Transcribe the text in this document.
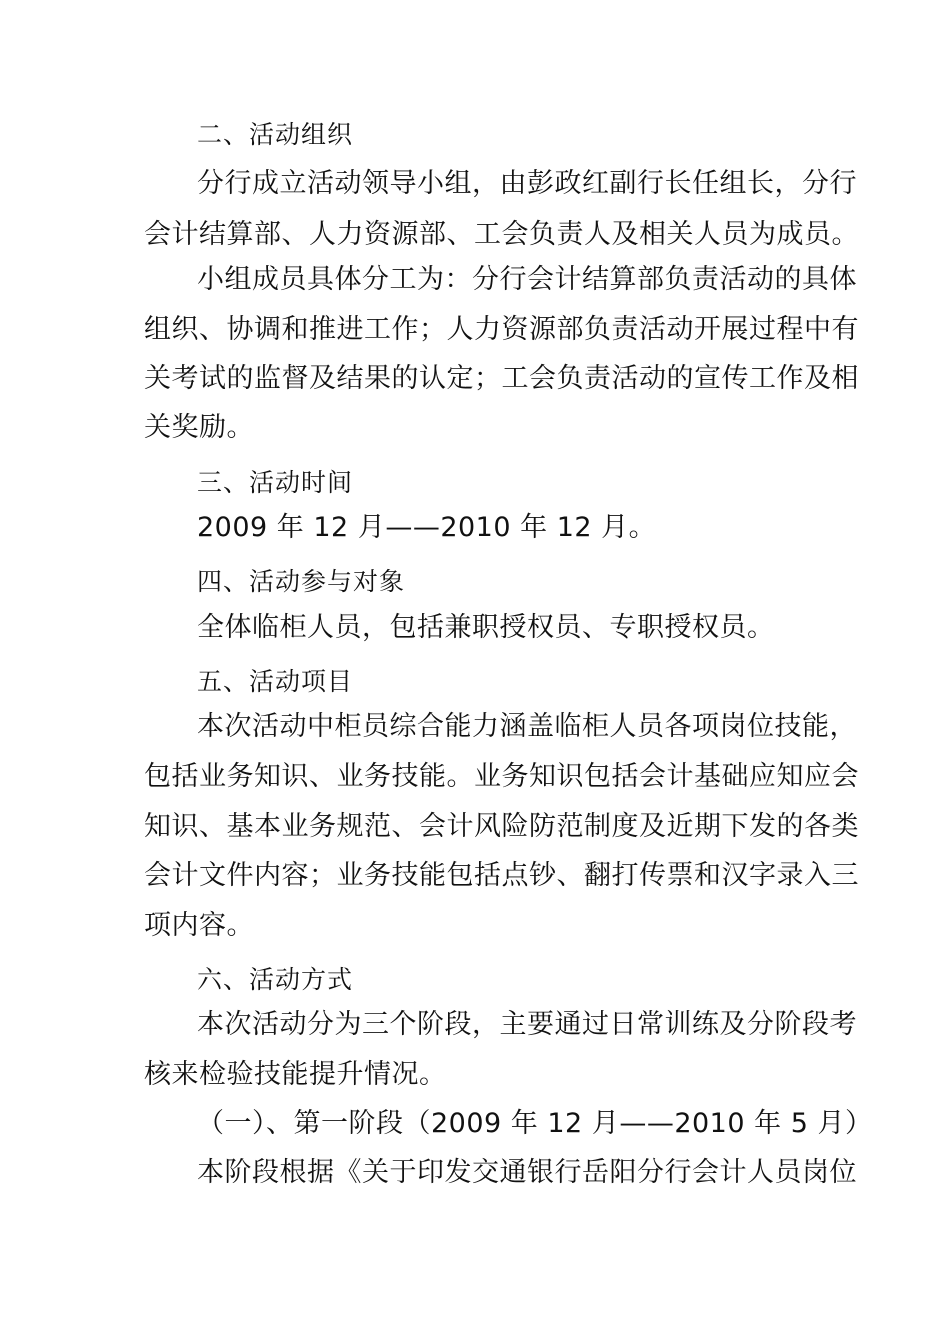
二、活动组织

分行成立活动领导小组，由彭政红副行长任组长，分行

会计结算部、人力资源部、工会负责人及相关人员为成员。

小组成员具体分工为：分行会计结算部负责活动的具体

组织、协调和推进工作；人力资源部负责活动开展过程中有

关考试的监督及结果的认定；工会负责活动的宣传工作及相

关奖励。

三、活动时间

2009 年 12 月——2010 年 12 月。

四、活动参与对象

全体临柜人员，包括兼职授权员、专职授权员。

五、活动项目

本次活动中柜员综合能力涵盖临柜人员各项岗位技能，

包括业务知识、业务技能。业务知识包括会计基础应知应会

知识、基本业务规范、会计风险防范制度及近期下发的各类

会计文件内容；业务技能包括点钞、翻打传票和汉字录入三

项内容。

六、活动方式

本次活动分为三个阶段，主要通过日常训练及分阶段考

核来检验技能提升情况。

（一）、第一阶段（2009 年 12 月——2010 年 5 月）

本阶段根据《关于印发交通银行岳阳分行会计人员岗位
